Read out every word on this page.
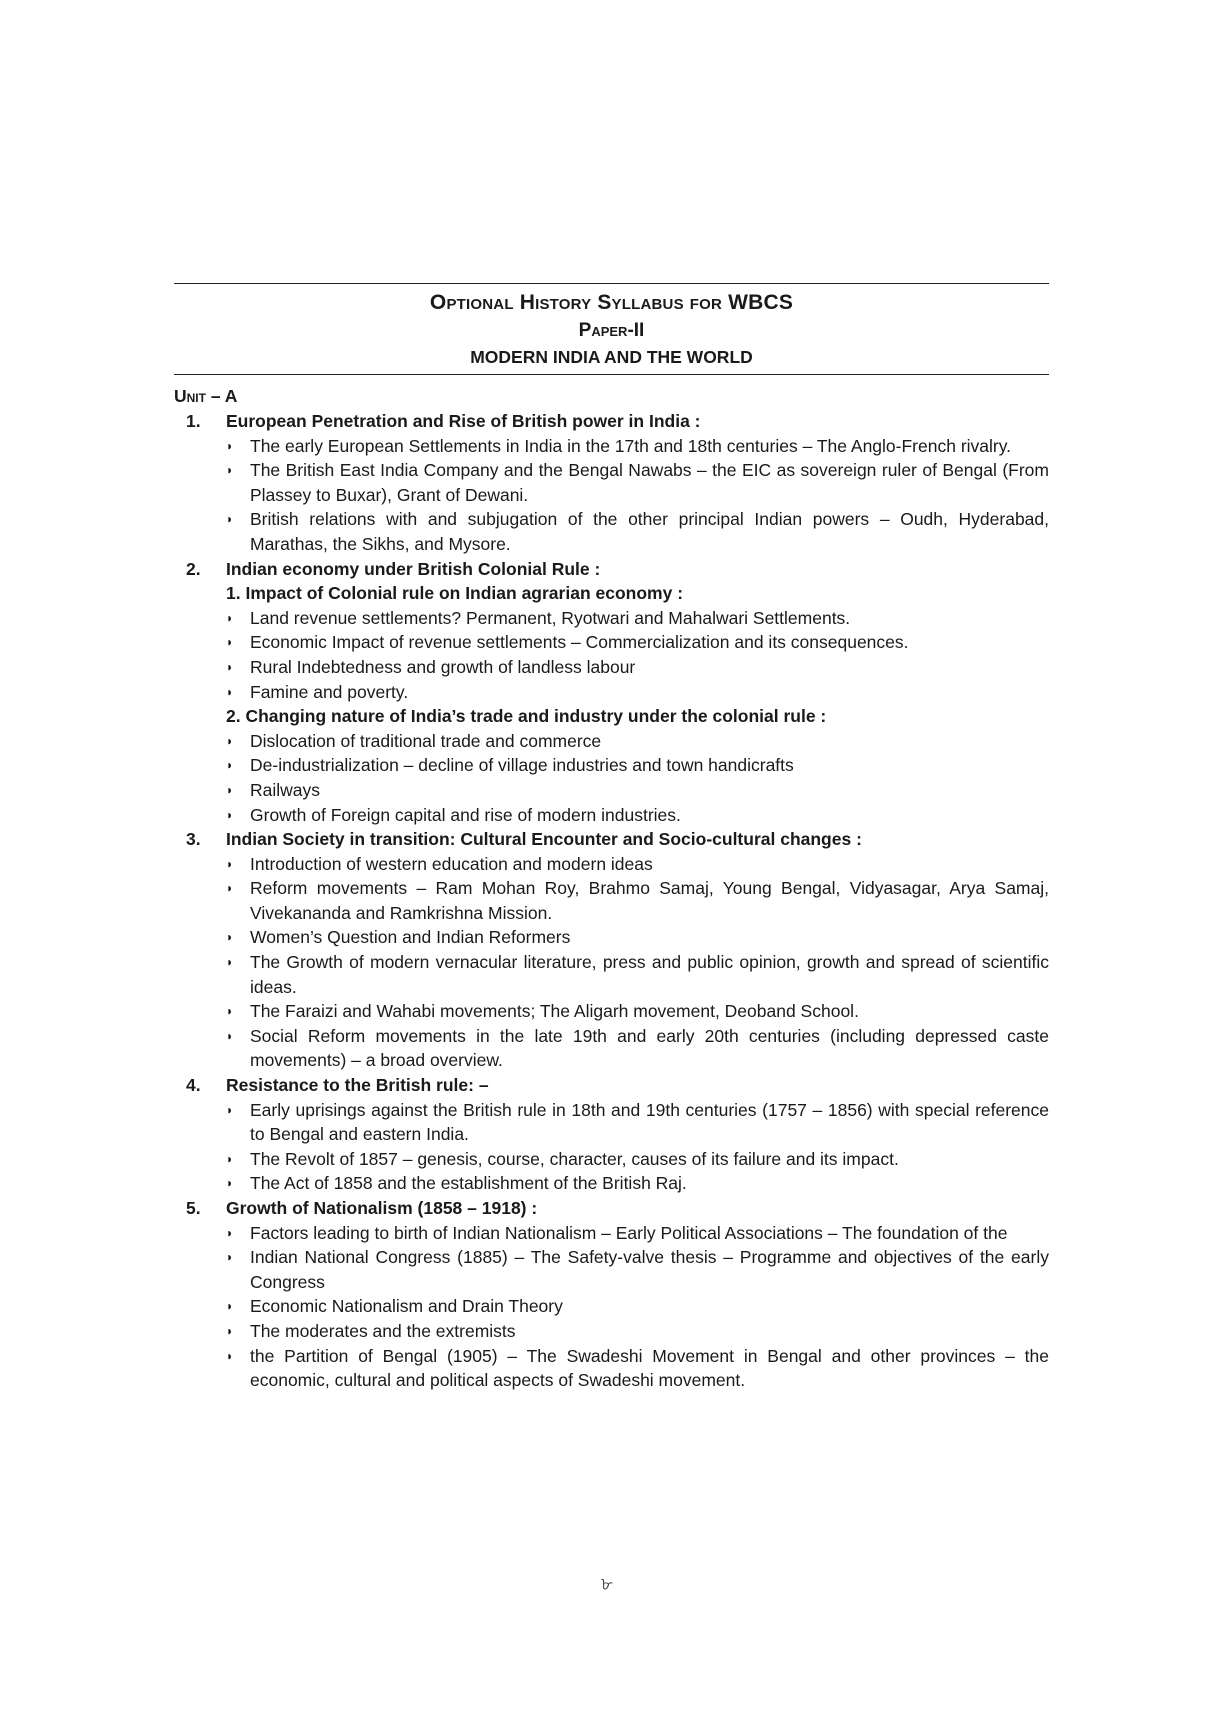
Optional History Syllabus for WBCS
Paper-II
MODERN INDIA AND THE WORLD
Unit – A
1. European Penetration and Rise of British power in India :
◗ The early European Settlements in India in the 17th and 18th centuries – The Anglo-French rivalry.
◗ The British East India Company and the Bengal Nawabs – the EIC as sovereign ruler of Bengal (From Plassey to Buxar), Grant of Dewani.
◗ British relations with and subjugation of the other principal Indian powers – Oudh, Hyderabad, Marathas, the Sikhs, and Mysore.
2. Indian economy under British Colonial Rule :
1. Impact of Colonial rule on Indian agrarian economy :
◗ Land revenue settlements? Permanent, Ryotwari and Mahalwari Settlements.
◗ Economic Impact of revenue settlements – Commercialization and its consequences.
◗ Rural Indebtedness and growth of landless labour
◗ Famine and poverty.
2. Changing nature of India’s trade and industry under the colonial rule :
◗ Dislocation of traditional trade and commerce
◗ De-industrialization – decline of village industries and town handicrafts
◗ Railways
◗ Growth of Foreign capital and rise of modern industries.
3. Indian Society in transition: Cultural Encounter and Socio-cultural changes :
◗ Introduction of western education and modern ideas
◗ Reform movements – Ram Mohan Roy, Brahmo Samaj, Young Bengal, Vidyasagar, Arya Samaj, Vivekananda and Ramkrishna Mission.
◗ Women’s Question and Indian Reformers
◗ The Growth of modern vernacular literature, press and public opinion, growth and spread of scientific ideas.
◗ The Faraizi and Wahabi movements; The Aligarh movement, Deoband School.
◗ Social Reform movements in the late 19th and early 20th centuries (including depressed caste movements) – a broad overview.
4. Resistance to the British rule: –
◗ Early uprisings against the British rule in 18th and 19th centuries (1757 – 1856) with special reference to Bengal and eastern India.
◗ The Revolt of 1857 – genesis, course, character, causes of its failure and its impact.
◗ The Act of 1858 and the establishment of the British Raj.
5. Growth of Nationalism (1858 – 1918) :
◗ Factors leading to birth of Indian Nationalism – Early Political Associations – The foundation of the
◗ Indian National Congress (1885) – The Safety-valve thesis – Programme and objectives of the early Congress
◗ Economic Nationalism and Drain Theory
◗ The moderates and the extremists
◗ the Partition of Bengal (1905) – The Swadeshi Movement in Bengal and other provinces – the economic, cultural and political aspects of Swadeshi movement.
৮
